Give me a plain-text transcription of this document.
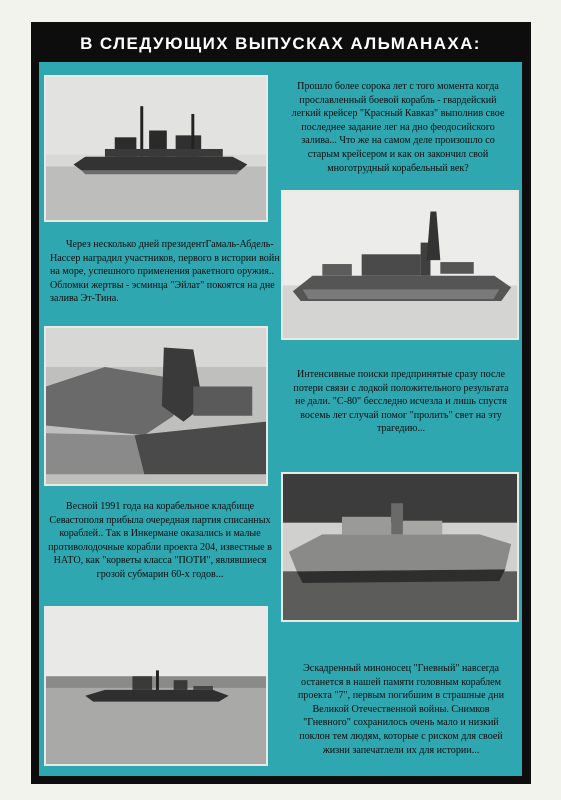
В СЛЕДУЮЩИХ ВЫПУСКАХ АЛЬМАНАХА:
Прошло более сорока лет с того момента когда прославленный боевой корабль - гвардейский легкий крейсер "Красный Кавказ" выполнив свое последнее задание лег на дно феодосийского залива... Что же на самом деле произошло со старым крейсером и как он закончил свой многотрудный корабельный век?
Через несколько дней президентГамаль-Абдель-Нассер наградил участников, первого в истории войн на море, успешного применения ракетного оружия.. Обломки жертвы - эсминца "Эйлат" покоятся на дне залива Эт-Тина.
Интенсивные поиски предпринятые сразу после потери связи с лодкой положительного результата не дали. "С-80" бесследно исчезла и лишь спустя восемь лет случай помог "пролить" свет на эту трагедию...
Весной 1991 года на корабельное кладбище Севастополя прибыла очередная партия списанных кораблей.. Так в Инкермане оказались и малые противолодочные корабли проекта 204, известные в НАТО, как "корветы класса "ПОТИ", являвшиеся грозой субмарин 60-х годов...
Эскадренный миноносец "Гневный" навсегда останется в нашей памяти головным кораблем проекта "7", первым погибшим в страшные дни Великой Отечественной войны. Снимков "Гневного" сохранилось очень мало и низкий поклон тем людям, которые с риском для своей жизни запечатлели их для истории...
